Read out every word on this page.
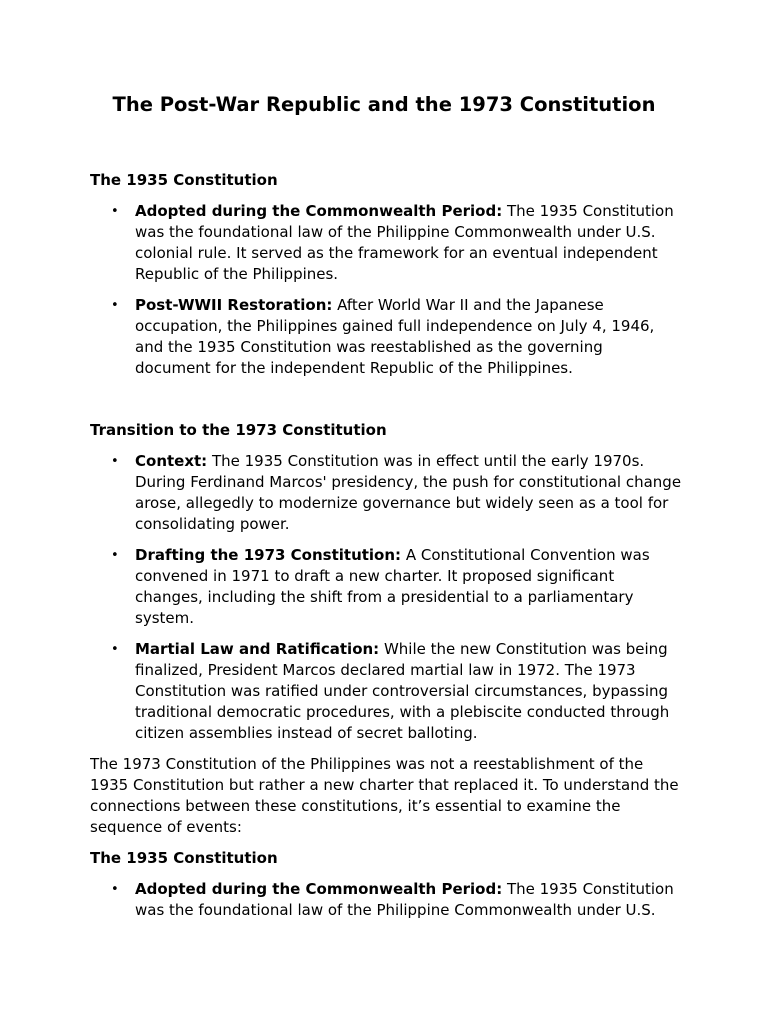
The Post-War Republic and the 1973 Constitution
The 1935 Constitution
• Adopted during the Commonwealth Period: The 1935 Constitution was the foundational law of the Philippine Commonwealth under U.S. colonial rule. It served as the framework for an eventual independent Republic of the Philippines.
• Post-WWII Restoration: After World War II and the Japanese occupation, the Philippines gained full independence on July 4, 1946, and the 1935 Constitution was reestablished as the governing document for the independent Republic of the Philippines.
Transition to the 1973 Constitution
• Context: The 1935 Constitution was in effect until the early 1970s. During Ferdinand Marcos' presidency, the push for constitutional change arose, allegedly to modernize governance but widely seen as a tool for consolidating power.
• Drafting the 1973 Constitution: A Constitutional Convention was convened in 1971 to draft a new charter. It proposed significant changes, including the shift from a presidential to a parliamentary system.
• Martial Law and Ratification: While the new Constitution was being finalized, President Marcos declared martial law in 1972. The 1973 Constitution was ratified under controversial circumstances, bypassing traditional democratic procedures, with a plebiscite conducted through citizen assemblies instead of secret balloting.

The 1973 Constitution of the Philippines was not a reestablishment of the 1935 Constitution but rather a new charter that replaced it. To understand the connections between these constitutions, it’s essential to examine the sequence of events:

The 1935 Constitution
• Adopted during the Commonwealth Period: The 1935 Constitution was the foundational law of the Philippine Commonwealth under U.S.
